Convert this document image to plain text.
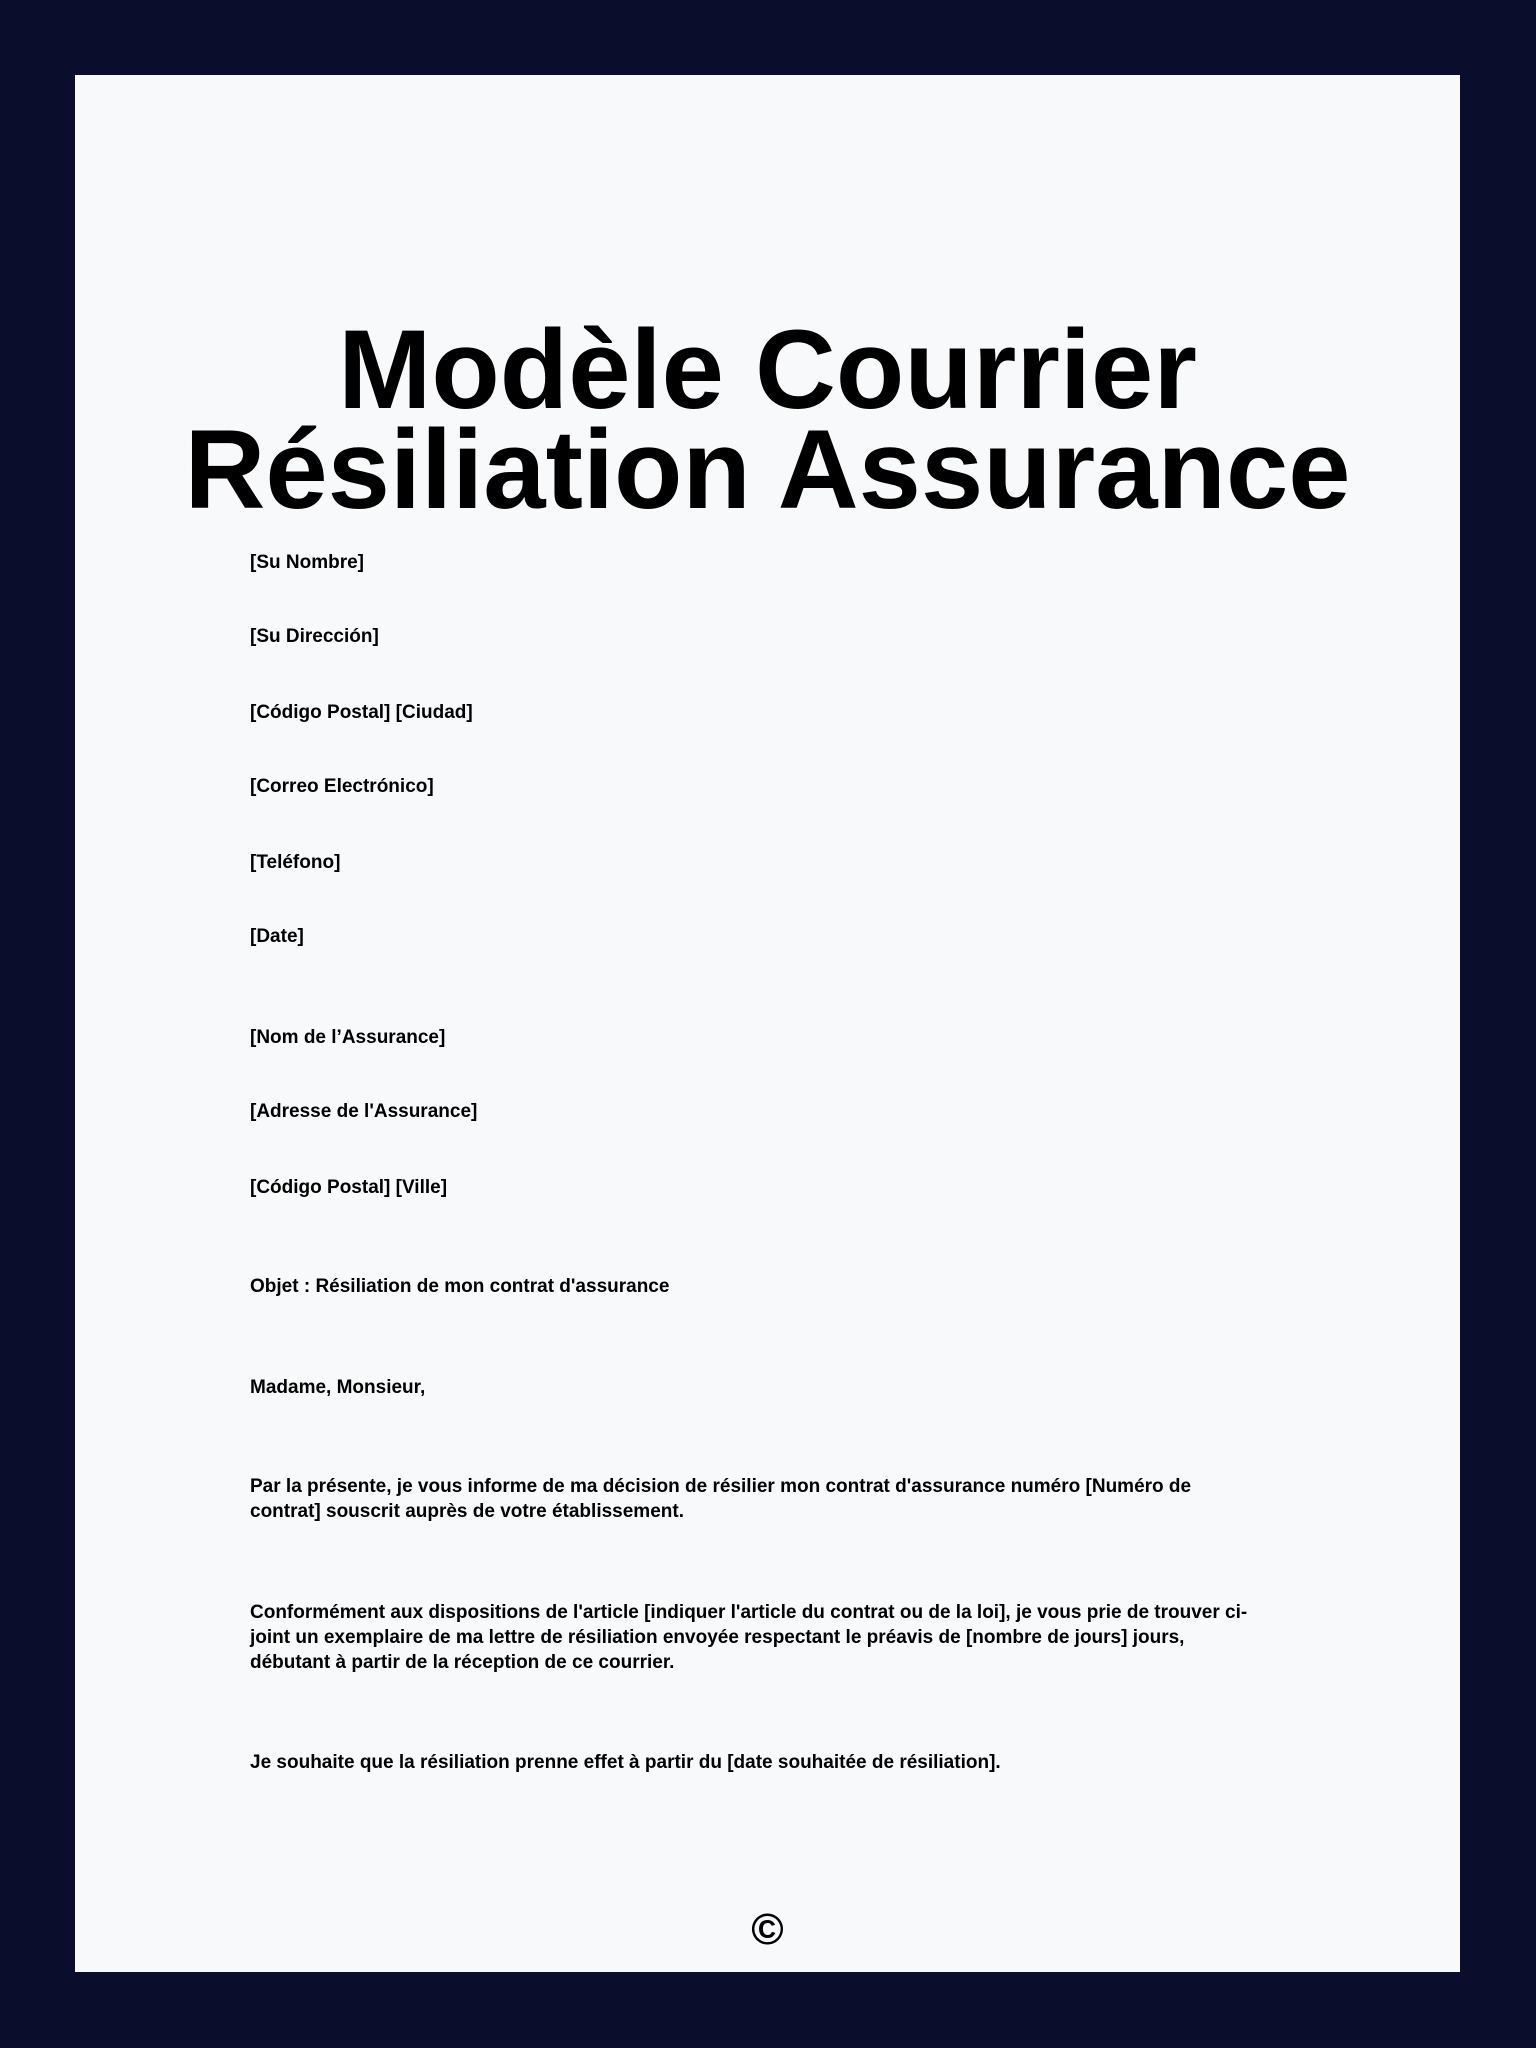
Modèle Courrier Résiliation Assurance

[Su Nombre]

[Su Dirección]

[Código Postal] [Ciudad]

[Correo Electrónico]

[Teléfono]

[Date]

[Nom de l’Assurance]

[Adresse de l'Assurance]

[Código Postal] [Ville]

Objet : Résiliation de mon contrat d'assurance

Madame, Monsieur,

Par la présente, je vous informe de ma décision de résilier mon contrat d'assurance numéro [Numéro de contrat] souscrit auprès de votre établissement.

Conformément aux dispositions de l'article [indiquer l'article du contrat ou de la loi], je vous prie de trouver ci-joint un exemplaire de ma lettre de résiliation envoyée respectant le préavis de [nombre de jours] jours, débutant à partir de la réception de ce courrier.

Je souhaite que la résiliation prenne effet à partir du [date souhaitée de résiliation].

©
